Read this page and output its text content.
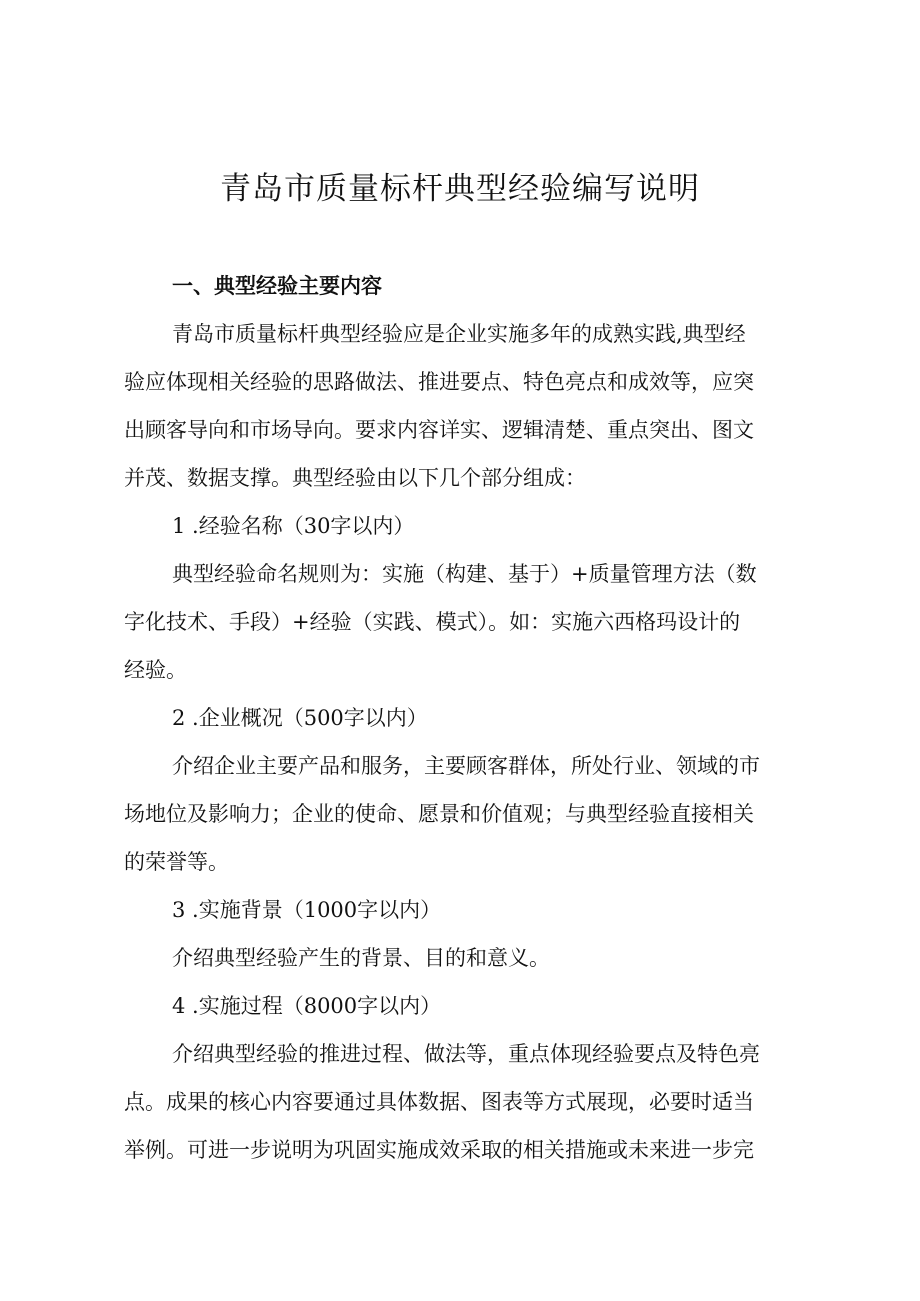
青岛市质量标杆典型经验编写说明
一、典型经验主要内容
青岛市质量标杆典型经验应是企业实施多年的成熟实践,典型经
验应体现相关经验的思路做法、推进要点、特色亮点和成效等，应突
出顾客导向和市场导向。要求内容详实、逻辑清楚、重点突出、图文
并茂、数据支撑。典型经验由以下几个部分组成：
1 .经验名称（30字以内）
典型经验命名规则为：实施（构建、基于）+质量管理方法（数
字化技术、手段）+经验（实践、模式）。如：实施六西格玛设计的
经验。
2 .企业概况（500字以内）
介绍企业主要产品和服务，主要顾客群体，所处行业、领域的市
场地位及影响力；企业的使命、愿景和价值观；与典型经验直接相关
的荣誉等。
3 .实施背景（1000字以内）
介绍典型经验产生的背景、目的和意义。
4 .实施过程（8000字以内）
介绍典型经验的推进过程、做法等，重点体现经验要点及特色亮
点。成果的核心内容要通过具体数据、图表等方式展现，必要时适当
举例。可进一步说明为巩固实施成效采取的相关措施或未来进一步完
